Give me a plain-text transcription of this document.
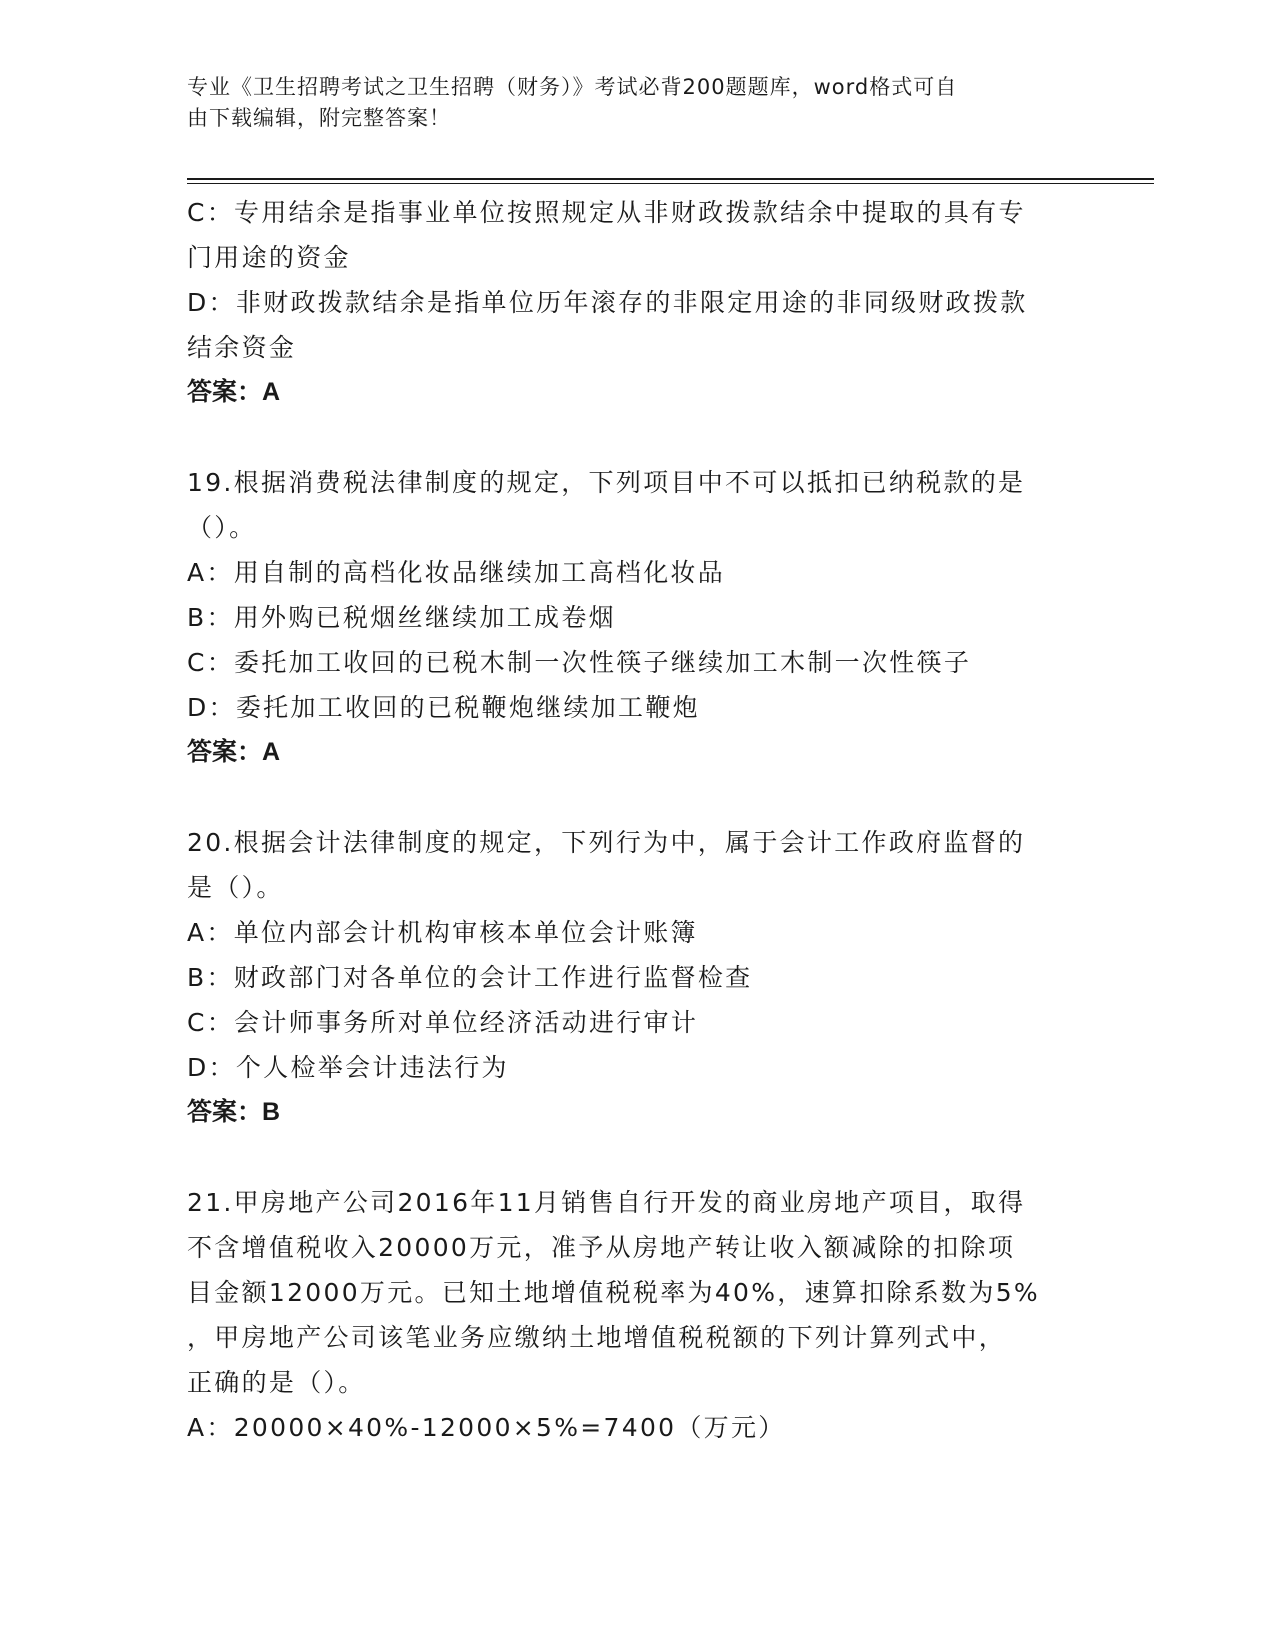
专业《卫生招聘考试之卫生招聘（财务）》考试必背200题题库，word格式可自
由下载编辑，附完整答案！
C：专用结余是指事业单位按照规定从非财政拨款结余中提取的具有专
门用途的资金
D：非财政拨款结余是指单位历年滚存的非限定用途的非同级财政拨款
结余资金
答案：A
19.根据消费税法律制度的规定，下列项目中不可以抵扣已纳税款的是
（）。
A：用自制的高档化妆品继续加工高档化妆品
B：用外购已税烟丝继续加工成卷烟
C：委托加工收回的已税木制一次性筷子继续加工木制一次性筷子
D：委托加工收回的已税鞭炮继续加工鞭炮
答案：A
20.根据会计法律制度的规定，下列行为中，属于会计工作政府监督的
是（）。
A：单位内部会计机构审核本单位会计账簿
B：财政部门对各单位的会计工作进行监督检查
C：会计师事务所对单位经济活动进行审计
D：个人检举会计违法行为
答案：B
21.甲房地产公司2016年11月销售自行开发的商业房地产项目，取得
不含增值税收入20000万元，准予从房地产转让收入额减除的扣除项
目金额12000万元。已知土地增值税税率为40%，速算扣除系数为5%
，甲房地产公司该笔业务应缴纳土地增值税税额的下列计算列式中，
正确的是（）。
A：20000×40%-12000×5%=7400（万元）
